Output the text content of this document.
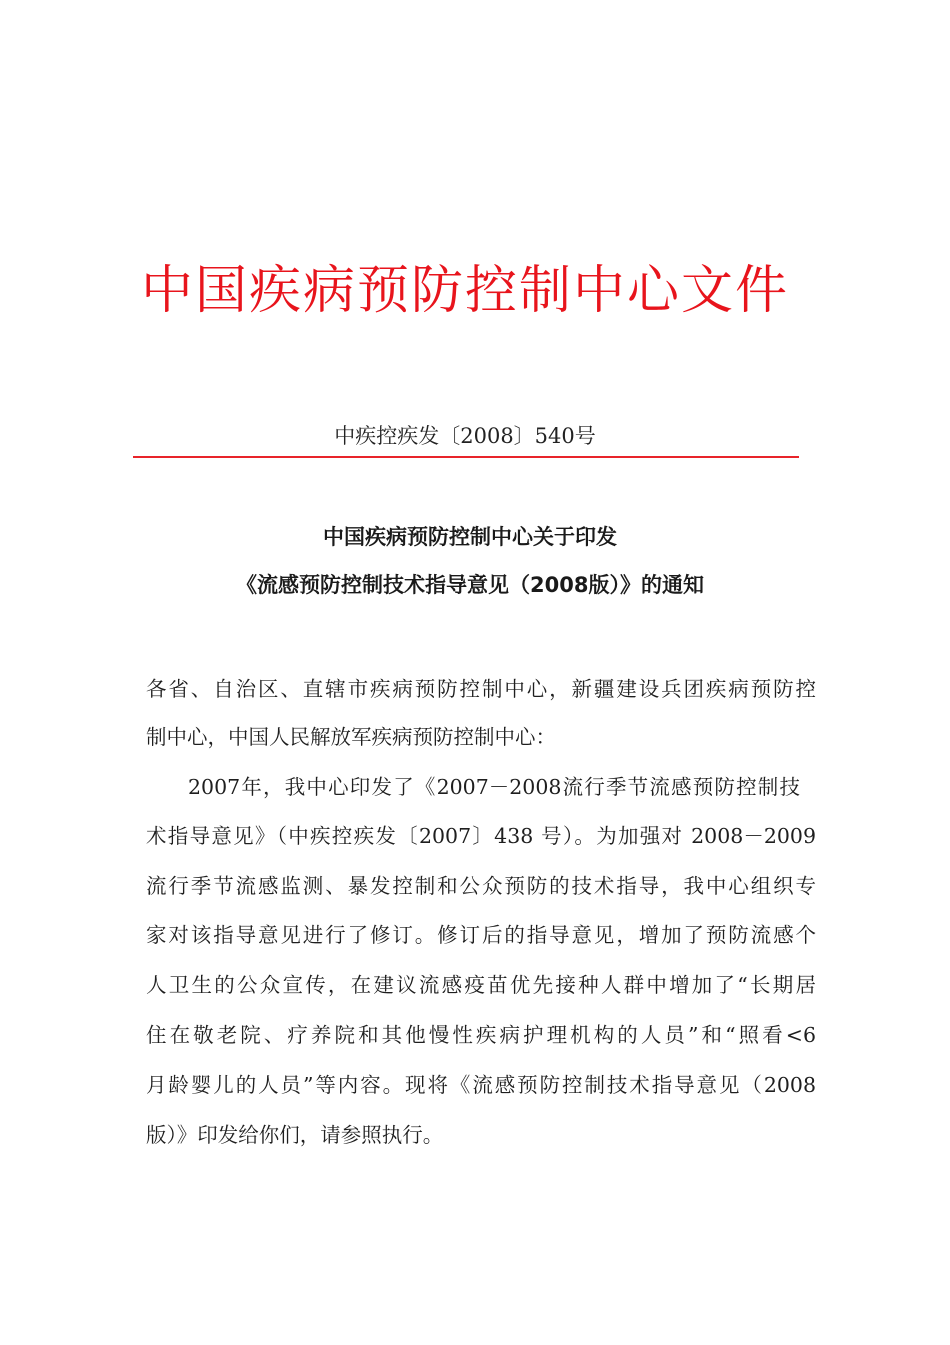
中国疾病预防控制中心文件
中疾控疾发〔2008〕540号
中国疾病预防控制中心关于印发
《流感预防控制技术指导意见（2008版）》的通知
各省、自治区、直辖市疾病预防控制中心，新疆建设兵团疾病预防控
制中心，中国人民解放军疾病预防控制中心：
2007年，我中心印发了《2007－2008流行季节流感预防控制技
术指导意见》（中疾控疾发〔2007〕438 号）。为加强对 2008－2009
流行季节流感监测、暴发控制和公众预防的技术指导，我中心组织专
家对该指导意见进行了修订。修订后的指导意见，增加了预防流感个
人卫生的公众宣传，在建议流感疫苗优先接种人群中增加了“长期居
住在敬老院、疗养院和其他慢性疾病护理机构的人员”和“照看<6
月龄婴儿的人员”等内容。现将《流感预防控制技术指导意见（2008
版）》印发给你们，请参照执行。
